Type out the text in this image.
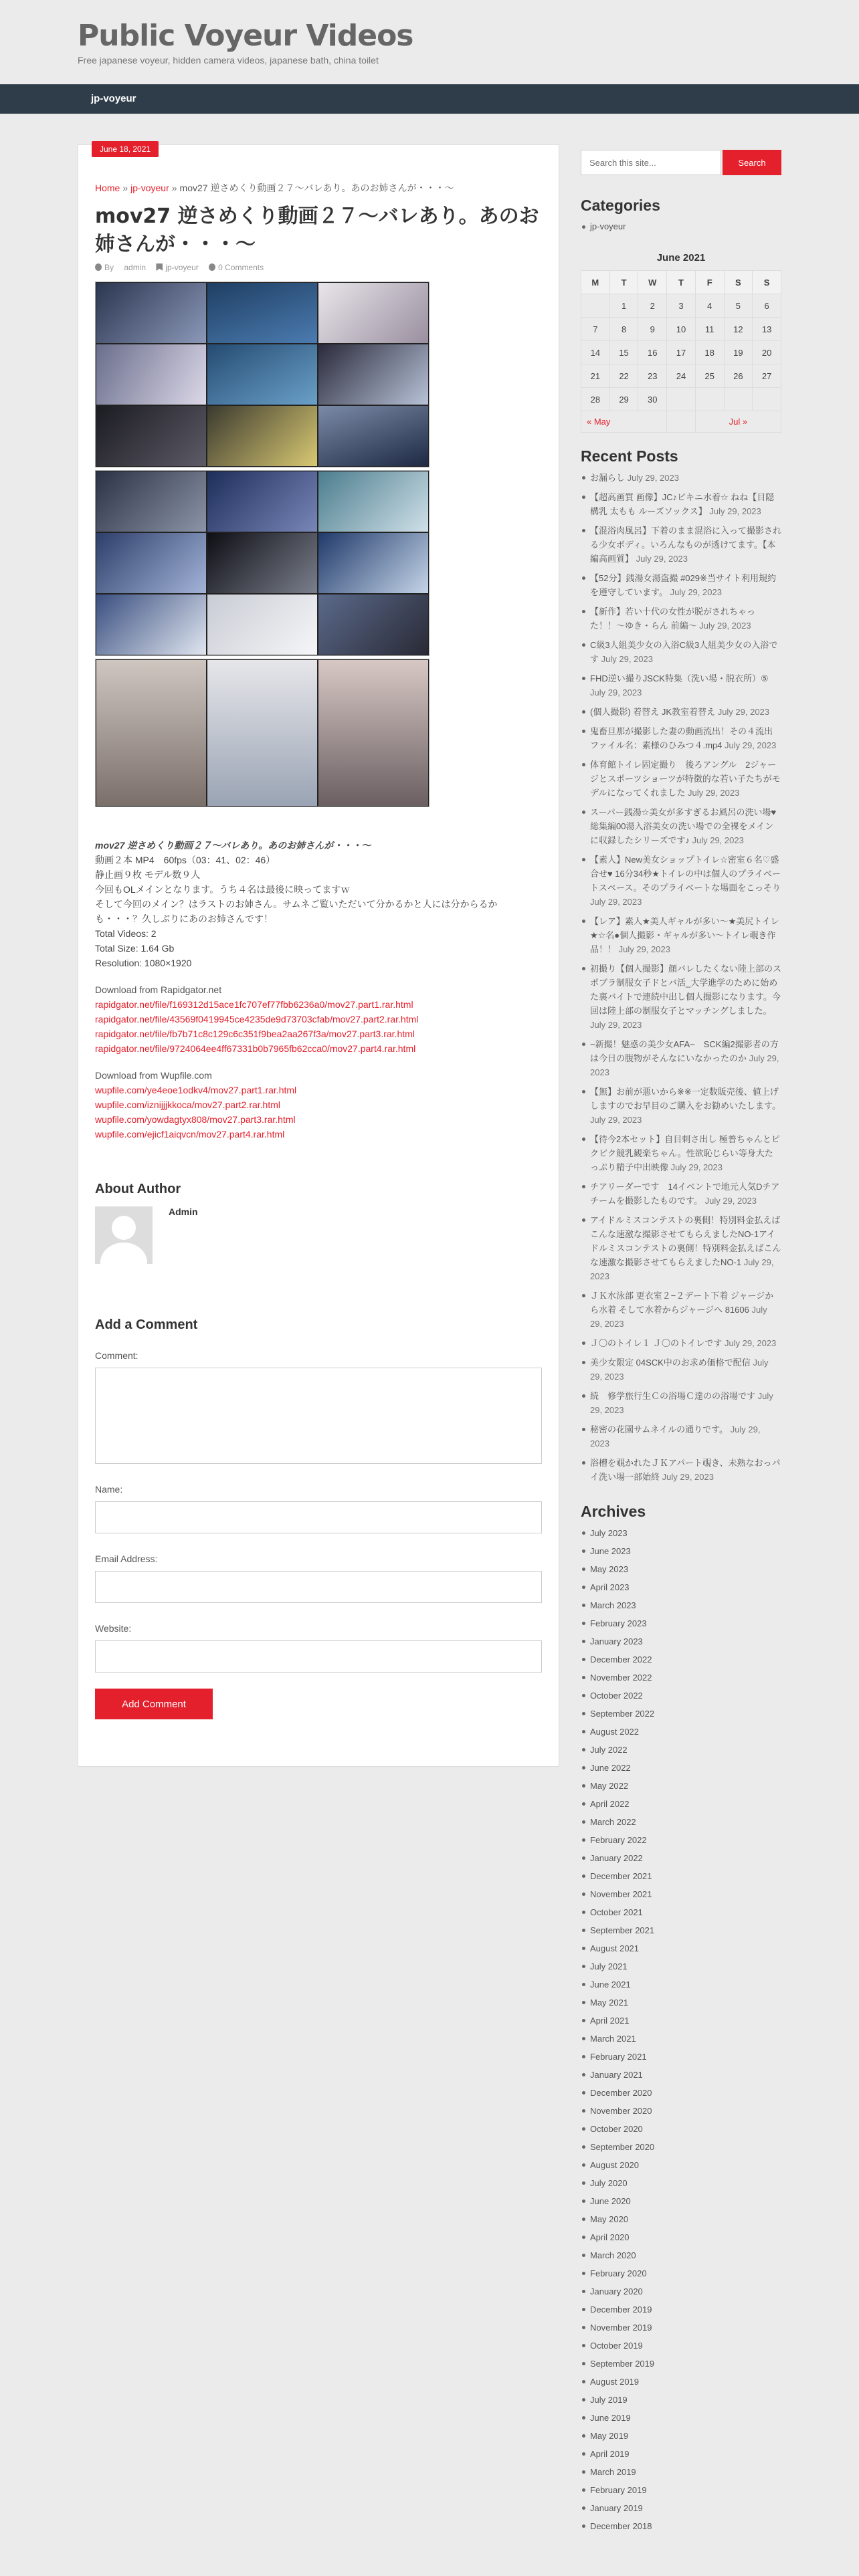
Public Voyeur Videos
Free japanese voyeur, hidden camera videos, japanese bath, china toilet
jp-voyeur
June 18, 2021
Home » jp-voyeur » mov27 逆さめくり動画２７〜バレあり。あのお姉さんが・・・〜
mov27 逆さめくり動画２７〜バレあり。あのお姉さんが・・・〜
By admin jp-voyeur 0 Comments
mov27 逆さめくり動画２７〜バレあり。あのお姉さんが・・・〜
動画２本 MP4　60fps（03：41、02：46）
静止画９枚 モデル数９人
今回もOLメインとなります。うち４名は最後に映ってますｗ
そして今回のメイン？はラストのお姉さん。サムネご覧いただいて分かるかと人には分からるかも・・・？久しぶりにあのお姉さんです！
Total Videos: 2
Total Size: 1.64 Gb
Resolution: 1080×1920
Download from Rapidgator.net
rapidgator.net/file/f169312d15ace1fc707ef77fbb6236a0/mov27.part1.rar.html
rapidgator.net/file/43569f0419945ce4235de9d73703cfab/mov27.part2.rar.html
rapidgator.net/file/fb7b71c8c129c6c351f9bea2aa267f3a/mov27.part3.rar.html
rapidgator.net/file/9724064ee4ff67331b0b7965fb62cca0/mov27.part4.rar.html
Download from Wupfile.com
wupfile.com/ye4eoe1odkv4/mov27.part1.rar.html
wupfile.com/iznijjjkkoca/mov27.part2.rar.html
wupfile.com/yowdagtyx808/mov27.part3.rar.html
wupfile.com/ejicf1aiqvcn/mov27.part4.rar.html
About Author
Admin
Add a Comment
Comment:
Name:
Email Address:
Website:
Add Comment
Search this site...
Search
Categories
jp-voyeur
June 2021
M	T	W	T	F	S	S
	1	2	3	4	5	6
7	8	9	10	11	12	13
14	15	16	17	18	19	20
21	22	23	24	25	26	27
28	29	30				
« May				Jul »		
Recent Posts
お漏らし July 29, 2023
【超高画質 画像】JC♪ビキニ水着☆ ねね【目隠 構乳 太もも ルーズソックス】 July 29, 2023
【混浴肉風呂】下着のまま混浴に入って撮影される少女ボディ。いろんなものが透けてます。【本編高画質】 July 29, 2023
【52分】銭湯女湯盗撮 #029※当サイト利用規約を遵守しています。 July 29, 2023
【新作】若い十代の女性が脱がされちゃった！！〜ゆき・らん 前編〜 July 29, 2023
C級3人組美少女の入浴C級3人組美少女の入浴です July 29, 2023
FHD逆い撮りJSCK特集（洗い場・脱衣所）⑤ July 29, 2023
(個人撮影) 着替え JK教室着替え July 29, 2023
鬼畜旦那が撮影した妻の動画流出！その４流出ファイル名：素様のひみつ４.mp4 July 29, 2023
体育館トイレ固定撮り　後ろアングル　2ジャージとスポーツショーツが特徴的な若い子たちがモデルになってくれました July 29, 2023
スーパー銭湯☆美女が多すぎるお風呂の洗い場♥総集編00湯入浴美女の洗い場での全裸をメインに収録したシリーズです♪ July 29, 2023
【素人】New美女ショップトイレ☆密室６名♡盛合せ♥ 16分34秒★トイレの中は個人のプライベートスペース。そのプライベートな場面をこっそり July 29, 2023
【レア】素人★美人ギャルが多い〜★美尻トイレ★☆名●個人撮影・ギャルが多い〜トイレ覗き作品！！ July 29, 2023
初撮り【個人撮影】顔バレしたくない陸上部のスポブラ制服女子ドとバ活_大学進学のために始めた裏バイトで連続中出し個人撮影になります。今回は陸上部の制服女子とマッチングしました。 July 29, 2023
~新撮！魅惑の美少女AFA~　SCK編2撮影者の方は今日の腹物がそんなにいなかったのか July 29, 2023
【無】お前が悪いから※※一定数販売後、値上げしますのでお早目のご購入をお勧めいたします。 July 29, 2023
【待今2本セット】自目刺さ出し 極普ちゃんとピクピク競乳観楽ちゃん。性欲恥じらい等身大たっぷり精子中出映像 July 29, 2023
チアリーダーです　14イベントで地元人気Dチアチームを撮影したものです。 July 29, 2023
アイドルミスコンテストの裏側！特別料金払えばこんな速激な撮影させてもらえましたNO-1アイドルミスコンテストの裏側！特別料金払えばこんな速激な撮影させてもらえましたNO-1 July 29, 2023
ＪＫ水泳部 更衣室２−２デート下着 ジャージから水着 そして水着からジャージへ 81606 July 29, 2023
Ｊ〇のトイレ１ Ｊ〇のトイレです July 29, 2023
美少女限定 04SCK中のお求め価格で配信 July 29, 2023
続　修学旅行生Ｃの浴場Ｃ達のの浴場です July 29, 2023
秘密の花園サムネイルの通りです。 July 29, 2023
浴槽を覗かれたＪＫアパート覗き、未熟なおっパイ洗い場一部始終 July 29, 2023
Archives
July 2023
June 2023
May 2023
April 2023
March 2023
February 2023
January 2023
December 2022
November 2022
October 2022
September 2022
August 2022
July 2022
June 2022
May 2022
April 2022
March 2022
February 2022
January 2022
December 2021
November 2021
October 2021
September 2021
August 2021
July 2021
June 2021
May 2021
April 2021
March 2021
February 2021
January 2021
December 2020
November 2020
October 2020
September 2020
August 2020
July 2020
June 2020
May 2020
April 2020
March 2020
February 2020
January 2020
December 2019
November 2019
October 2019
September 2019
August 2019
July 2019
June 2019
May 2019
April 2019
March 2019
February 2019
January 2019
December 2018
